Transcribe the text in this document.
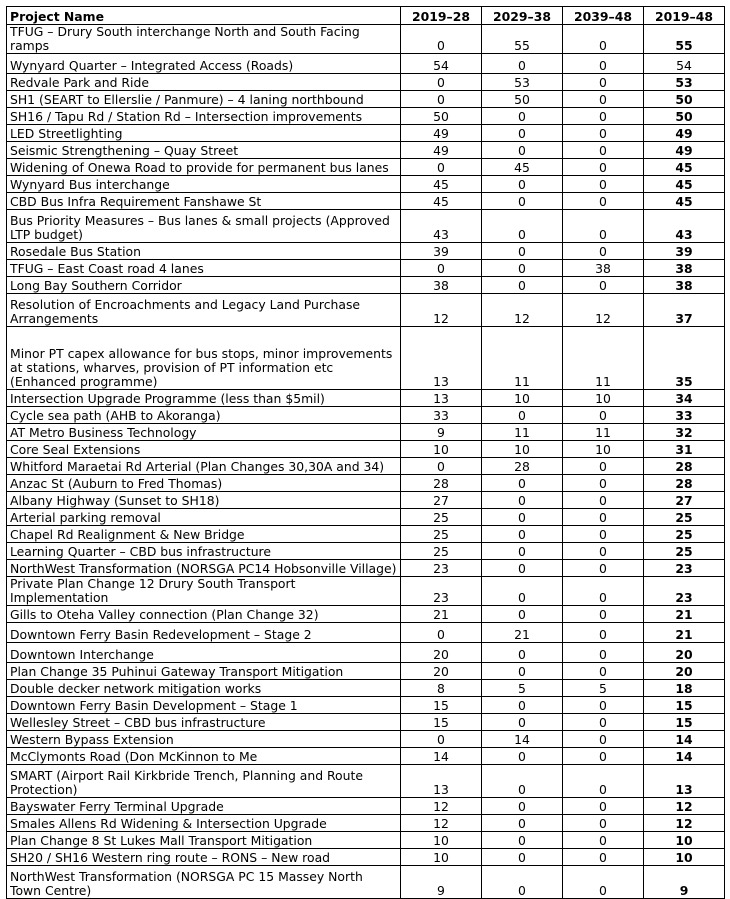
Project Name	2019–28	2029–38	2039–48	2019–48
TFUG – Drury South interchange North and South Facing ramps	0	55	0	55
Wynyard Quarter – Integrated Access (Roads)	54	0	0	54
Redvale Park and Ride	0	53	0	53
SH1 (SEART to Ellerslie / Panmure) – 4 laning northbound	0	50	0	50
SH16 / Tapu Rd / Station Rd – Intersection improvements	50	0	0	50
LED Streetlighting	49	0	0	49
Seismic Strengthening – Quay Street	49	0	0	49
Widening of Onewa Road to provide for permanent bus lanes	0	45	0	45
Wynyard Bus interchange	45	0	0	45
CBD Bus Infra Requirement Fanshawe St	45	0	0	45
Bus Priority Measures – Bus lanes & small projects (Approved LTP budget)	43	0	0	43
Rosedale Bus Station	39	0	0	39
TFUG – East Coast road 4 lanes	0	0	38	38
Long Bay Southern Corridor	38	0	0	38
Resolution of Encroachments and Legacy Land Purchase Arrangements	12	12	12	37
Minor PT capex allowance for bus stops, minor improvements at stations, wharves, provision of PT information etc (Enhanced programme)	13	11	11	35
Intersection Upgrade Programme (less than $5mil)	13	10	10	34
Cycle sea path (AHB to Akoranga)	33	0	0	33
AT Metro Business Technology	9	11	11	32
Core Seal Extensions	10	10	10	31
Whitford Maraetai Rd Arterial (Plan Changes 30,30A and 34)	0	28	0	28
Anzac St (Auburn to Fred Thomas)	28	0	0	28
Albany Highway (Sunset to SH18)	27	0	0	27
Arterial parking removal	25	0	0	25
Chapel Rd Realignment & New Bridge	25	0	0	25
Learning Quarter – CBD bus infrastructure	25	0	0	25
NorthWest Transformation (NORSGA PC14 Hobsonville Village)	23	0	0	23
Private Plan Change 12 Drury South Transport Implementation	23	0	0	23
Gills to Oteha Valley connection (Plan Change 32)	21	0	0	21
Downtown Ferry Basin Redevelopment – Stage 2	0	21	0	21
Downtown Interchange	20	0	0	20
Plan Change 35 Puhinui Gateway Transport Mitigation	20	0	0	20
Double decker network mitigation works	8	5	5	18
Downtown Ferry Basin Development – Stage 1	15	0	0	15
Wellesley Street – CBD bus infrastructure	15	0	0	15
Western Bypass Extension	0	14	0	14
McClymonts Road (Don McKinnon to Me	14	0	0	14
SMART (Airport Rail Kirkbride Trench, Planning and Route Protection)	13	0	0	13
Bayswater Ferry Terminal Upgrade	12	0	0	12
Smales Allens Rd Widening & Intersection Upgrade	12	0	0	12
Plan Change 8 St Lukes Mall Transport Mitigation	10	0	0	10
SH20 / SH16 Western ring route – RONS – New road	10	0	0	10
NorthWest Transformation (NORSGA PC 15 Massey North Town Centre)	9	0	0	9
